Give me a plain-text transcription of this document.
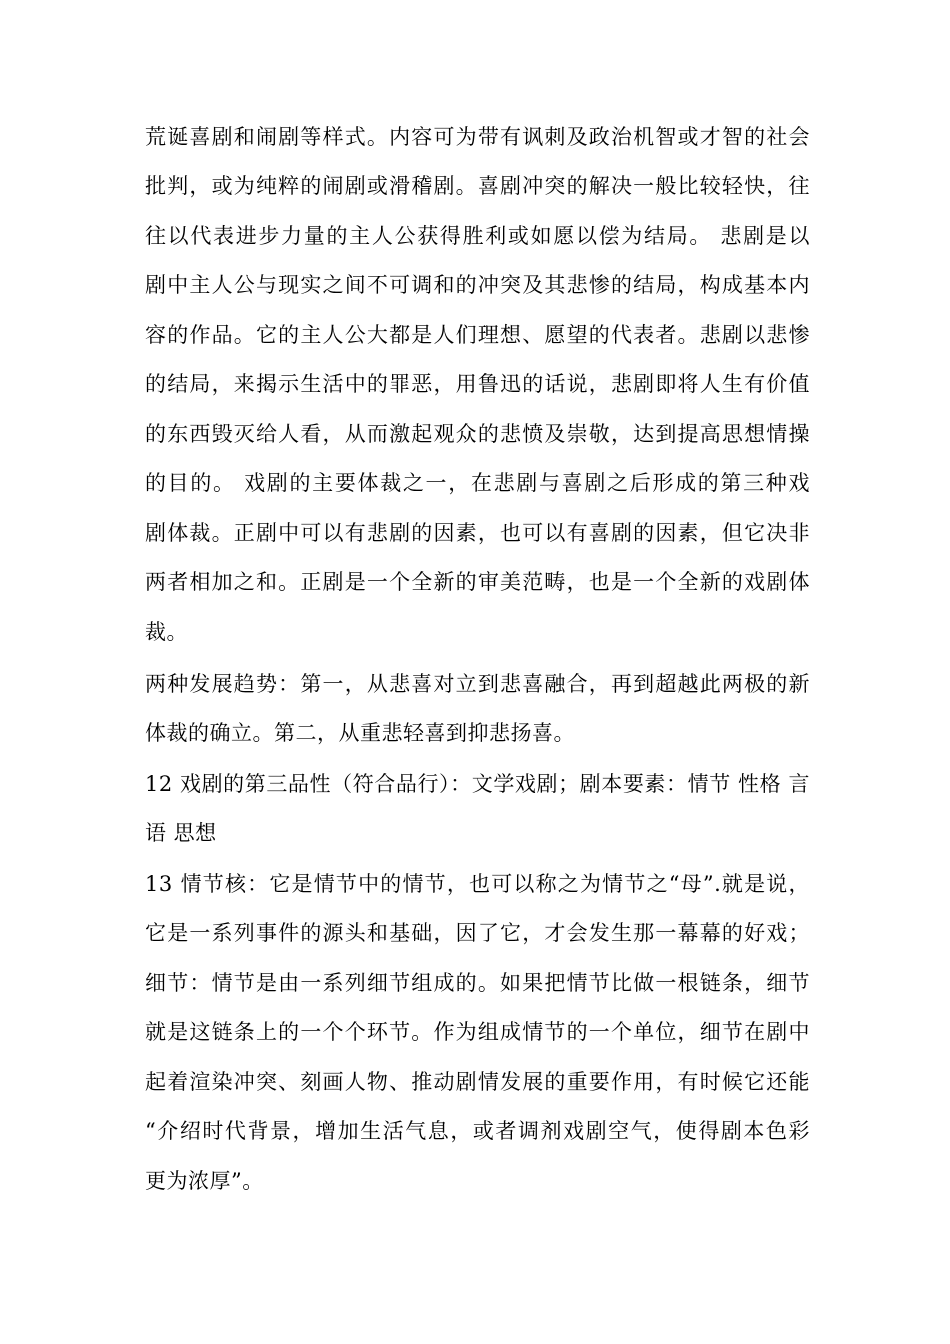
荒诞喜剧和闹剧等样式。内容可为带有讽刺及政治机智或才智的社会
批判，或为纯粹的闹剧或滑稽剧。喜剧冲突的解决一般比较轻快，往
往以代表进步力量的主人公获得胜利或如愿以偿为结局。 悲剧是以
剧中主人公与现实之间不可调和的冲突及其悲惨的结局，构成基本内
容的作品。它的主人公大都是人们理想、愿望的代表者。悲剧以悲惨
的结局，来揭示生活中的罪恶，用鲁迅的话说，悲剧即将人生有价值
的东西毁灭给人看，从而激起观众的悲愤及崇敬，达到提高思想情操
的目的。 戏剧的主要体裁之一，在悲剧与喜剧之后形成的第三种戏
剧体裁。正剧中可以有悲剧的因素，也可以有喜剧的因素，但它决非
两者相加之和。正剧是一个全新的审美范畴，也是一个全新的戏剧体
裁。
两种发展趋势：第一，从悲喜对立到悲喜融合，再到超越此两极的新
体裁的确立。第二，从重悲轻喜到抑悲扬喜。
12 戏剧的第三品性（符合品行）：文学戏剧；剧本要素：情节 性格 言
语 思想
13 情节核：它是情节中的情节，也可以称之为情节之“母”.就是说，
它是一系列事件的源头和基础，因了它，才会发生那一幕幕的好戏；
细节：情节是由一系列细节组成的。如果把情节比做一根链条，细节
就是这链条上的一个个环节。作为组成情节的一个单位，细节在剧中
起着渲染冲突、刻画人物、推动剧情发展的重要作用，有时候它还能
“介绍时代背景，增加生活气息，或者调剂戏剧空气，使得剧本色彩
更为浓厚”。
